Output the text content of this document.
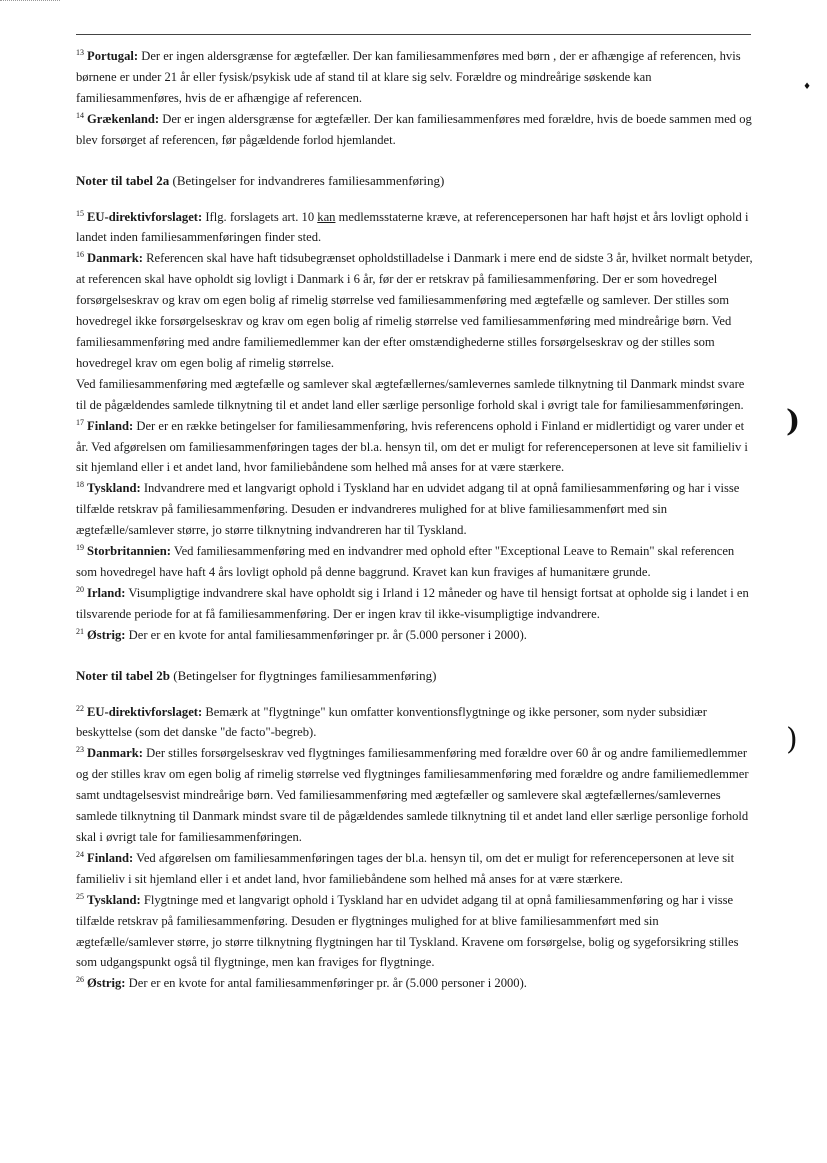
♦
)
)

$^{13}$ Portugal: Der er ingen aldersgrænse for ægtefæller. Der kan familiesammenføres med børn , der er afhængige af referencen, hvis børnene er under 21 år eller fysisk/psykisk ude af stand til at klare sig selv. Forældre og mindreårige søskende kan familiesammenføres, hvis de er afhængige af referencen.

$^{14}$ Grækenland: Der er ingen aldersgrænse for ægtefæller. Der kan familiesammenføres med forældre, hvis de boede sammen med og blev forsørget af referencen, før pågældende forlod hjemlandet.

Noter til tabel 2a (Betingelser for indvandreres familiesammenføring)

$^{15}$ EU-direktivforslaget: Iflg. forslagets art. 10 kan medlemsstaterne kræve, at referencepersonen har haft højst et års lovligt ophold i landet inden familiesammenføringen finder sted.

$^{16}$ Danmark: Referencen skal have haft tidsubegrænset opholdstilladelse i Danmark i mere end de sidste 3 år, hvilket normalt betyder, at referencen skal have opholdt sig lovligt i Danmark i 6 år, før der er retskrav på familiesammenføring. Der er som hovedregel forsørgelseskrav og krav om egen bolig af rimelig størrelse ved familiesammenføring med ægtefælle og samlever. Der stilles som hovedregel ikke forsørgelseskrav og krav om egen bolig af rimelig størrelse ved familiesammenføring med mindreårige børn. Ved familiesammenføring med andre familiemedlemmer kan der efter omstændighederne stilles forsørgelseskrav og der stilles som hovedregel krav om egen bolig af rimelig størrelse.

Ved familiesammenføring med ægtefælle og samlever skal ægtefællernes/samlevernes samlede tilknytning til Danmark mindst svare til de pågældendes samlede tilknytning til et andet land eller særlige personlige forhold skal i øvrigt tale for familiesammenføringen.

$^{17}$ Finland: Der er en række betingelser for familiesammenføring, hvis referencens ophold i Finland er midlertidigt og varer under et år. Ved afgørelsen om familiesammenføringen tages der bl.a. hensyn til, om det er muligt for referencepersonen at leve sit familieliv i sit hjemland eller i et andet land, hvor familiebåndene som helhed må anses for at være stærkere.

$^{18}$ Tyskland: Indvandrere med et langvarigt ophold i Tyskland har en udvidet adgang til at opnå familiesammenføring og har i visse tilfælde retskrav på familiesammenføring. Desuden er indvandreres mulighed for at blive familiesammenført med sin ægtefælle/samlever større, jo større tilknytning indvandreren har til Tyskland.

$^{19}$ Storbritannien: Ved familiesammenføring med en indvandrer med ophold efter "Exceptional Leave to Remain" skal referencen som hovedregel have haft 4 års lovligt ophold på denne baggrund. Kravet kan kun fraviges af humanitære grunde.

$^{20}$ Irland: Visumpligtige indvandrere skal have opholdt sig i Irland i 12 måneder og have til hensigt fortsat at opholde sig i landet i en tilsvarende periode for at få familiesammenføring. Der er ingen krav til ikke-visumpligtige indvandrere.

$^{21}$ Østrig: Der er en kvote for antal familiesammenføringer pr. år (5.000 personer i 2000).

Noter til tabel 2b (Betingelser for flygtninges familiesammenføring)

$^{22}$ EU-direktivforslaget: Bemærk at "flygtninge" kun omfatter konventionsflygtninge og ikke personer, som nyder subsidiær beskyttelse (som det danske "de facto"-begreb).

$^{23}$ Danmark: Der stilles forsørgelseskrav ved flygtninges familiesammenføring med forældre over 60 år og andre familiemedlemmer og der stilles krav om egen bolig af rimelig størrelse ved flygtninges familiesammenføring med forældre og andre familiemedlemmer samt undtagelsesvist mindreårige børn. Ved familiesammenføring med ægtefæller og samlevere skal ægtefællernes/samlevernes samlede tilknytning til Danmark mindst svare til de pågældendes samlede tilknytning til et andet land eller særlige personlige forhold skal i øvrigt tale for familiesammenføringen.

$^{24}$ Finland: Ved afgørelsen om familiesammenføringen tages der bl.a. hensyn til, om det er muligt for referencepersonen at leve sit familieliv i sit hjemland eller i et andet land, hvor familiebåndene som helhed må anses for at være stærkere.

$^{25}$ Tyskland: Flygtninge med et langvarigt ophold i Tyskland har en udvidet adgang til at opnå familiesammenføring og har i visse tilfælde retskrav på familiesammenføring. Desuden er flygtninges mulighed for at blive familiesammenført med sin ægtefælle/samlever større, jo større tilknytning flygtningen har til Tyskland. Kravene om forsørgelse, bolig og sygeforsikring stilles som udgangspunkt også til flygtninge, men kan fraviges for flygtninge.

$^{26}$ Østrig: Der er en kvote for antal familiesammenføringer pr. år (5.000 personer i 2000).
